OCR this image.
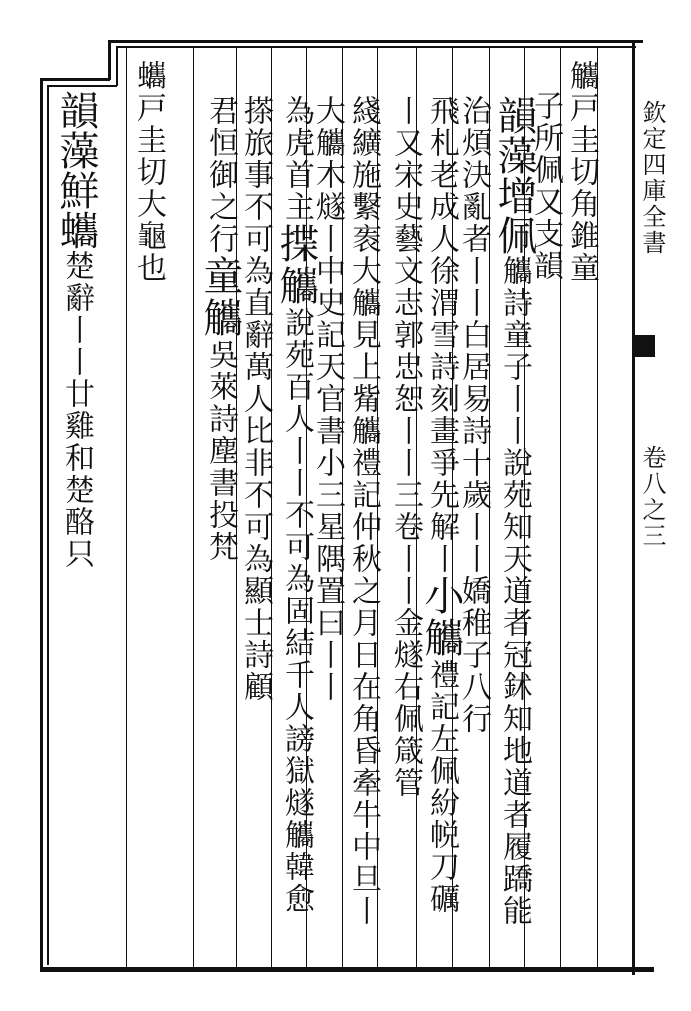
欽定四庫全書
卷八之三
觿戸圭切角錐童
子所佩又支韻
韻藻增佩觿詩童子丨丨說苑知天道者冠鉥知地道者履蹻能
治煩決亂者丨丨白居易詩十歲丨丨嬌稚子八行
飛札老成人徐渭雪詩刻畫爭先解丨小觿禮記左佩紛帨刀礪
丨又宋史藝文志郭忠恕丨丨三卷丨丨金燧右佩箴管
綫纊施繫袠大觿見上觜觿禮記仲秋之月日在角昏牽牛中旦丨
大觿木燧丨中史記天官書小三星隅置曰丨丨
為虎首主揲觿說苑百人丨丨不可為固結千人謗獄燧觿韓愈
搽旅事不可為直辭萬人比非不可為顯士詩顧
君恒御之行童觿吳萊詩塵書投梵
蠵戸圭切大龜也
韻藻鮮蠵楚辭丨丨廿雞和楚酪只
